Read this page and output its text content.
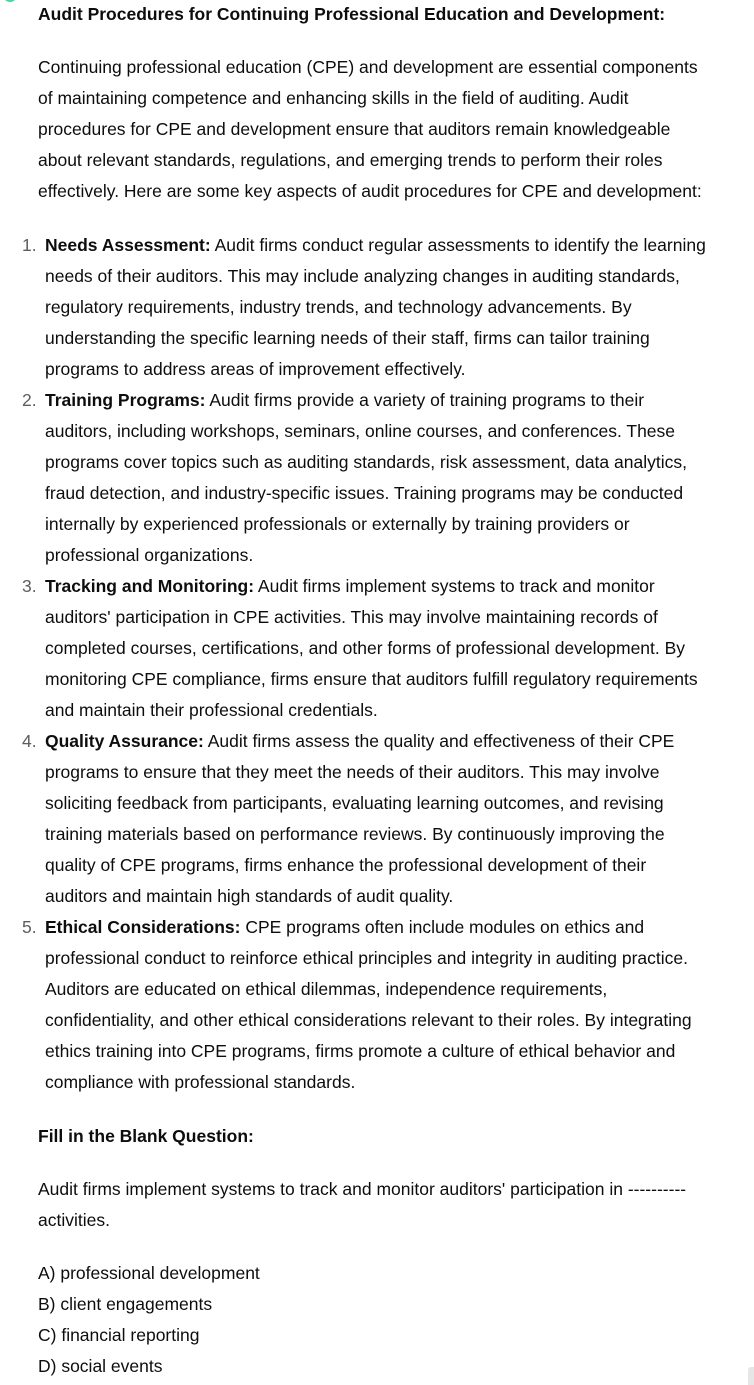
Audit Procedures for Continuing Professional Education and Development:

Continuing professional education (CPE) and development are essential components of maintaining competence and enhancing skills in the field of auditing. Audit procedures for CPE and development ensure that auditors remain knowledgeable about relevant standards, regulations, and emerging trends to perform their roles effectively. Here are some key aspects of audit procedures for CPE and development:

1. Needs Assessment: Audit firms conduct regular assessments to identify the learning needs of their auditors. This may include analyzing changes in auditing standards, regulatory requirements, industry trends, and technology advancements. By understanding the specific learning needs of their staff, firms can tailor training programs to address areas of improvement effectively.
2. Training Programs: Audit firms provide a variety of training programs to their auditors, including workshops, seminars, online courses, and conferences. These programs cover topics such as auditing standards, risk assessment, data analytics, fraud detection, and industry-specific issues. Training programs may be conducted internally by experienced professionals or externally by training providers or professional organizations.
3. Tracking and Monitoring: Audit firms implement systems to track and monitor auditors' participation in CPE activities. This may involve maintaining records of completed courses, certifications, and other forms of professional development. By monitoring CPE compliance, firms ensure that auditors fulfill regulatory requirements and maintain their professional credentials.
4. Quality Assurance: Audit firms assess the quality and effectiveness of their CPE programs to ensure that they meet the needs of their auditors. This may involve soliciting feedback from participants, evaluating learning outcomes, and revising training materials based on performance reviews. By continuously improving the quality of CPE programs, firms enhance the professional development of their auditors and maintain high standards of audit quality.
5. Ethical Considerations: CPE programs often include modules on ethics and professional conduct to reinforce ethical principles and integrity in auditing practice. Auditors are educated on ethical dilemmas, independence requirements, confidentiality, and other ethical considerations relevant to their roles. By integrating ethics training into CPE programs, firms promote a culture of ethical behavior and compliance with professional standards.

Fill in the Blank Question:

Audit firms implement systems to track and monitor auditors' participation in ---------- activities.

A) professional development

B) client engagements

C) financial reporting

D) social events
